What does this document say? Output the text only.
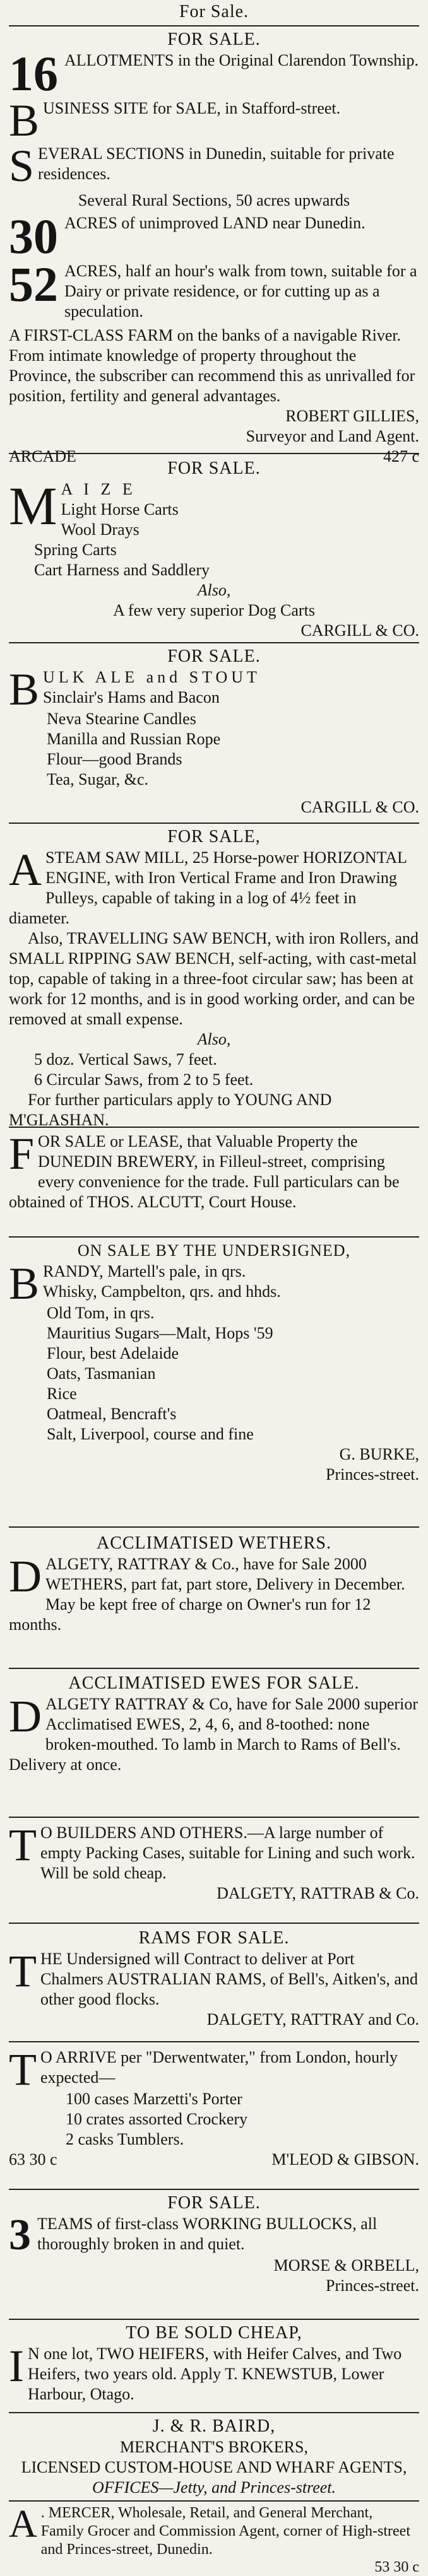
For Sale.
FOR SALE.
16 ALLOTMENTS in the Original Clarendon Township.
B USINESS SITE for SALE, in Stafford-street.
S EVERAL SECTIONS in Dunedin, suitable for private residences.
Several Rural Sections, 50 acres upwards
30 ACRES of unimproved LAND near Dunedin.
52 ACRES, half an hour's walk from town, suitable for a Dairy or private residence, or for cutting up as a speculation.
A FIRST-CLASS FARM on the banks of a navigable River. From intimate knowledge of property throughout the Province, the subscriber can recommend this as unrivalled for position, fertility and general advantages.
ROBERT GILLIES,
Surveyor and Land Agent.
ARCADE	427 c
FOR SALE.
M A I Z E
Light Horse Carts
Wool Drays
Spring Carts
Cart Harness and Saddlery
Also,
A few very superior Dog Carts
CARGILL & CO.
FOR SALE.
B ULK ALE and STOUT
Sinclair's Hams and Bacon
Neva Stearine Candles
Manilla and Russian Rope
Flour—good Brands
Tea, Sugar, &c.
CARGILL & CO.
FOR SALE,
A STEAM SAW MILL, 25 Horse-power HORIZONTAL ENGINE, with Iron Vertical Frame and Iron Drawing Pulleys, capable of taking in a log of 4½ feet in diameter.
Also, TRAVELLING SAW BENCH, with iron Rollers, and SMALL RIPPING SAW BENCH, self-acting, with cast-metal top, capable of taking in a three-foot circular saw; has been at work for 12 months, and is in good working order, and can be removed at small expense.
Also,
5 doz. Vertical Saws, 7 feet.
6 Circular Saws, from 2 to 5 feet.
For further particulars apply to YOUNG AND M'GLASHAN.
F OR SALE or LEASE, that Valuable Property the DUNEDIN BREWERY, in Filleul-street, comprising every convenience for the trade. Full particulars can be obtained of THOS. ALCUTT, Court House.
ON SALE BY THE UNDERSIGNED,
B RANDY, Martell's pale, in qrs.
Whisky, Campbelton, qrs. and hhds.
Old Tom, in qrs.
Mauritius Sugars—Malt, Hops '59
Flour, best Adelaide
Oats, Tasmanian
Rice
Oatmeal, Bencraft's
Salt, Liverpool, course and fine
G. BURKE,
Princes-street.
ACCLIMATISED WETHERS.
D ALGETY, RATTRAY & Co., have for Sale 2000 WETHERS, part fat, part store, Delivery in December. May be kept free of charge on Owner's run for 12 months.
ACCLIMATISED EWES FOR SALE.
D ALGETY RATTRAY & Co, have for Sale 2000 superior Acclimatised EWES, 2, 4, 6, and 8-toothed: none broken-mouthed. To lamb in March to Rams of Bell's. Delivery at once.
T O BUILDERS AND OTHERS.—A large number of empty Packing Cases, suitable for Lining and such work. Will be sold cheap.
DALGETY, RATTRAB & Co.
RAMS FOR SALE.
T HE Undersigned will Contract to deliver at Port Chalmers AUSTRALIAN RAMS, of Bell's, Aitken's, and other good flocks.
DALGETY, RATTRAY and Co.
T O ARRIVE per "Derwentwater," from London, hourly expected—
100 cases Marzetti's Porter
10 crates assorted Crockery
2 casks Tumblers.
63 30 c	M'LEOD & GIBSON.
FOR SALE.
3 TEAMS of first-class WORKING BULLOCKS, all thoroughly broken in and quiet.
MORSE & ORBELL,
Princes-street.
TO BE SOLD CHEAP,
I N one lot, TWO HEIFERS, with Heifer Calves, and Two Heifers, two years old. Apply T. KNEWSTUB, Lower Harbour, Otago.
J. & R. BAIRD,
MERCHANT'S BROKERS,
LICENSED CUSTOM-HOUSE AND WHARF AGENTS,
OFFICES—Jetty, and Princes-street.
A . MERCER, Wholesale, Retail, and General Merchant, Family Grocer and Commission Agent, corner of High-street and Princes-street, Dunedin.
53 30 c
